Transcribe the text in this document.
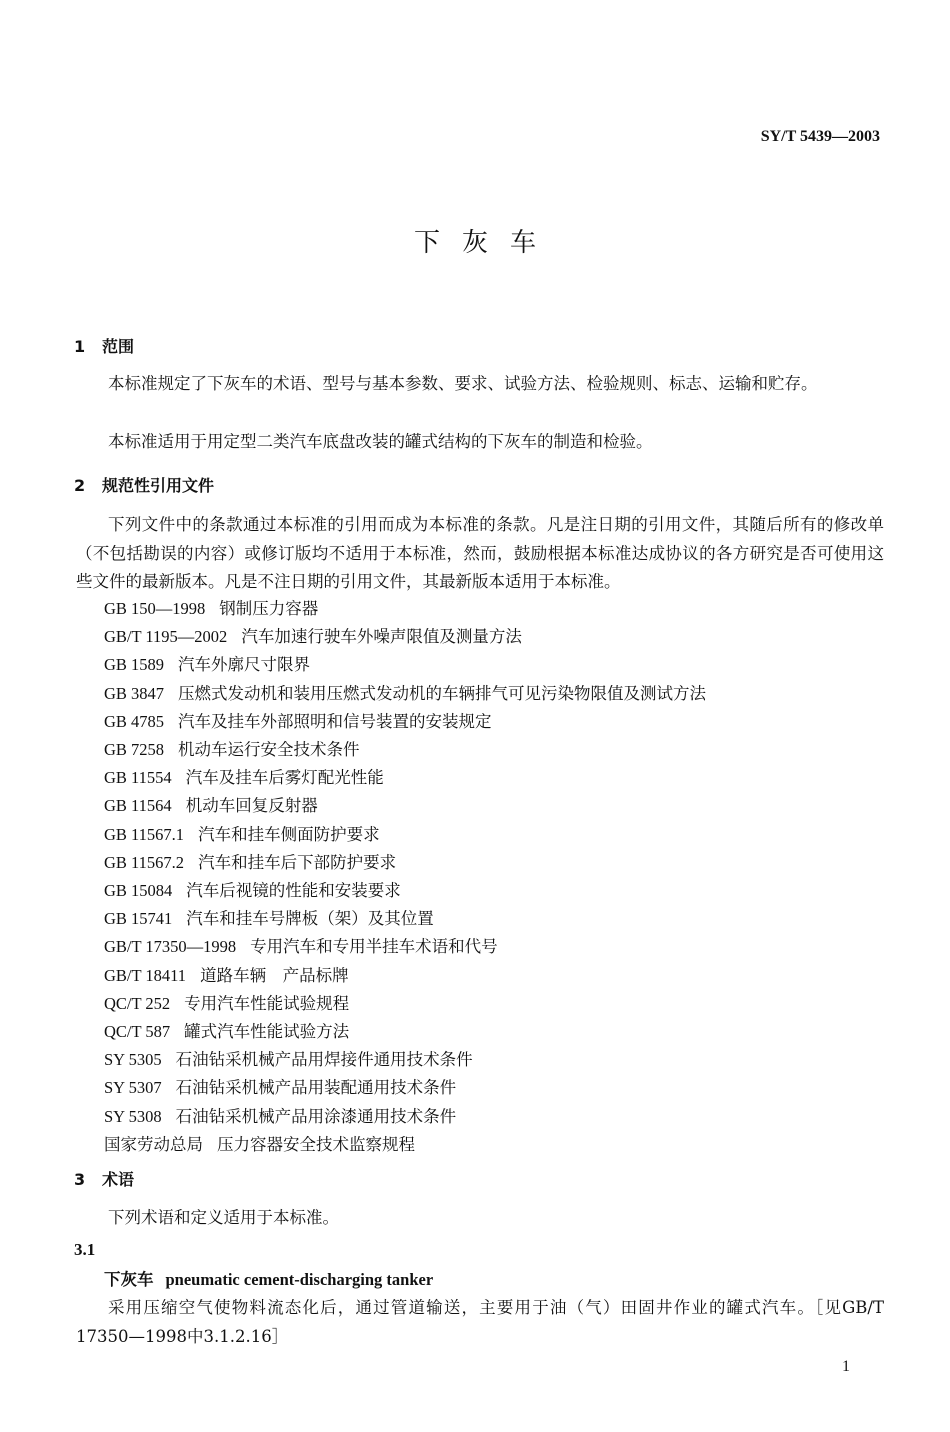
SY/T 5439—2003
下灰车
1 范围

本标准规定了下灰车的术语、型号与基本参数、要求、试验方法、检验规则、标志、运输和贮存。

本标准适用于用定型二类汽车底盘改装的罐式结构的下灰车的制造和检验。

2 规范性引用文件

下列文件中的条款通过本标准的引用而成为本标准的条款。凡是注日期的引用文件，其随后所有的修改单（不包括勘误的内容）或修订版均不适用于本标准，然而，鼓励根据本标准达成协议的各方研究是否可使用这些文件的最新版本。凡是不注日期的引用文件，其最新版本适用于本标准。

GB 150—1998 钢制压力容器
GB/T 1195—2002 汽车加速行驶车外噪声限值及测量方法
GB 1589 汽车外廓尺寸限界
GB 3847 压燃式发动机和装用压燃式发动机的车辆排气可见污染物限值及测试方法
GB 4785 汽车及挂车外部照明和信号装置的安装规定
GB 7258 机动车运行安全技术条件
GB 11554 汽车及挂车后雾灯配光性能
GB 11564 机动车回复反射器
GB 11567.1 汽车和挂车侧面防护要求
GB 11567.2 汽车和挂车后下部防护要求
GB 15084 汽车后视镜的性能和安装要求
GB 15741 汽车和挂车号牌板（架）及其位置
GB/T 17350—1998 专用汽车和专用半挂车术语和代号
GB/T 18411 道路车辆　产品标牌
QC/T 252 专用汽车性能试验规程
QC/T 587 罐式汽车性能试验方法
SY 5305 石油钻采机械产品用焊接件通用技术条件
SY 5307 石油钻采机械产品用装配通用技术条件
SY 5308 石油钻采机械产品用涂漆通用技术条件
国家劳动总局 压力容器安全技术监察规程
3 术语

下列术语和定义适用于本标准。

3.1
下灰车 pneumatic cement-discharging tanker

采用压缩空气使物料流态化后，通过管道输送，主要用于油（气）田固井作业的罐式汽车。［见GB/T 17350—1998中3.1.2.16］

1
